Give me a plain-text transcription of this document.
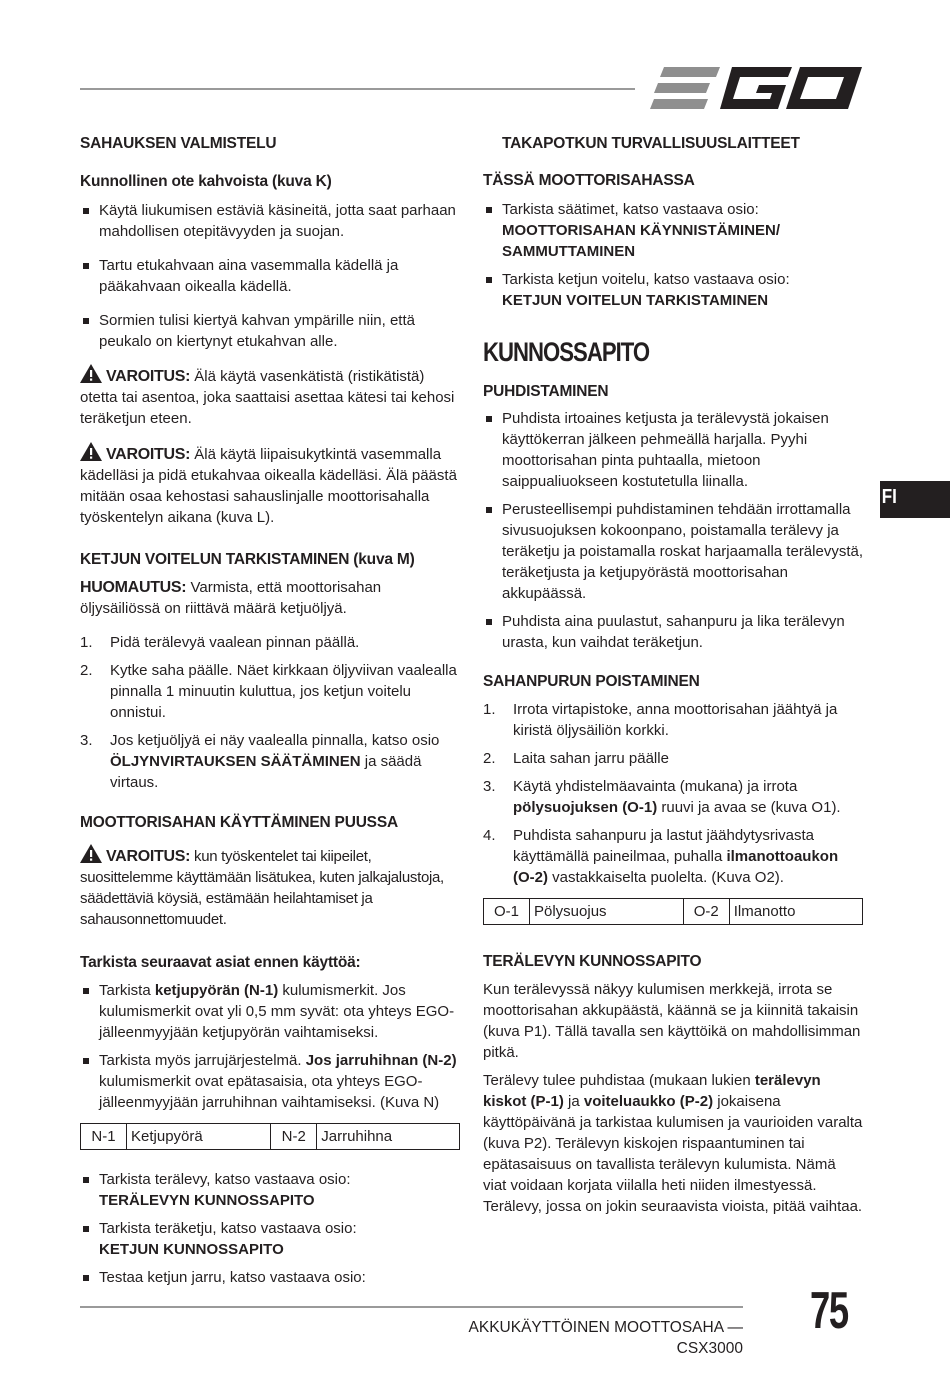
SAHAUKSEN VALMISTELU
Kunnollinen ote kahvoista (kuva K)
Käytä liukumisen estäviä käsineitä, jotta saat parhaan mahdollisen otepitävyyden ja suojan.
Tartu etukahvaan aina vasemmalla kädellä ja pääkahvaan oikealla kädellä.
Sormien tulisi kiertyä kahvan ympärille niin, että peukalo on kiertynyt etukahvan alle.

VAROITUS: Älä käytä vasenkätistä (ristikätistä) otetta tai asentoa, joka saattaisi asettaa kätesi tai kehosi teräketjun eteen.

VAROITUS: Älä käytä liipaisukytkintä vasemmalla kädelläsi ja pidä etukahvaa oikealla kädelläsi. Älä päästä mitään osaa kehostasi sahauslinjalle moottorisahalla työskentelyn aikana (kuva L).

KETJUN VOITELUN TARKISTAMINEN (kuva M)

HUOMAUTUS: Varmista, että moottorisahan öljysäiliössä on riittävä määrä ketjuöljyä.

1. Pidä terälevyä vaalean pinnan päällä.
2. Kytke saha päälle. Näet kirkkaan öljyviivan vaalealla pinnalla 1 minuutin kuluttua, jos ketjun voitelu onnistui.
3. Jos ketjuöljyä ei näy vaalealla pinnalla, katso osio ÖLJYNVIRTAUKSEN SÄÄTÄMINEN ja säädä virtaus.
MOOTTORISAHAN KÄYTTÄMINEN PUUSSA

VAROITUS: kun työskentelet tai kiipeilet, suosittelemme käyttämään lisätukea, kuten jalkajalustoja, säädettäviä köysiä, estämään heilahtamiset ja sahausonnettomuudet.

Tarkista seuraavat asiat ennen käyttöä:
Tarkista ketjupyörän (N-1) kulumismerkit. Jos kulumismerkit ovat yli 0,5 mm syvät: ota yhteys EGO-jälleenmyyjään ketjupyörän vaihtamiseksi.
Tarkista myös jarrujärjestelmä. Jos jarruhihnan (N-2) kulumismerkit ovat epätasaisia, ota yhteys EGO-jälleenmyyjään jarruhihnan vaihtamiseksi. (Kuva N)
N-1	Ketjupyörä	N-2	Jarruhihna
Tarkista terälevy, katso vastaava osio:
TERÄLEVYN KUNNOSSAPITO
Tarkista teräketju, katso vastaava osio:
KETJUN KUNNOSSAPITO
Testaa ketjun jarru, katso vastaava osio:
TAKAPOTKUN TURVALLISUUSLAITTEET
TÄSSÄ MOOTTORISAHASSA
Tarkista säätimet, katso vastaava osio:
MOOTTORISAHAN KÄYNNISTÄMINEN/ SAMMUTTAMINEN
Tarkista ketjun voitelu, katso vastaava osio:
KETJUN VOITELUN TARKISTAMINEN
KUNNOSSAPITO
PUHDISTAMINEN
Puhdista irtoaines ketjusta ja terälevystä jokaisen käyttökerran jälkeen pehmeällä harjalla. Pyyhi moottorisahan pinta puhtaalla, mietoon saippualiuokseen kostutetulla liinalla.
Perusteellisempi puhdistaminen tehdään irrottamalla sivusuojuksen kokoonpano, poistamalla terälevy ja teräketju ja poistamalla roskat harjaamalla terälevystä, teräketjusta ja ketjupyörästä moottorisahan akkupäässä.
Puhdista aina puulastut, sahanpuru ja lika terälevyn urasta, kun vaihdat teräketjun.
SAHANPURUN POISTAMINEN
1. Irrota virtapistoke, anna moottorisahan jäähtyä ja kiristä öljysäiliön korkki.
2. Laita sahan jarru päälle
3. Käytä yhdistelmäavainta (mukana) ja irrota pölysuojuksen (O-1) ruuvi ja avaa se (kuva O1).
4. Puhdista sahanpuru ja lastut jäähdytysrivasta käyttämällä paineilmaa, puhalla ilmanottoaukon (O-2) vastakkaiselta puolelta. (Kuva O2).
O-1	Pölysuojus	O-2	Ilmanotto
TERÄLEVYN KUNNOSSAPITO

Kun terälevyssä näkyy kulumisen merkkejä, irrota se moottorisahan akkupäästä, käännä se ja kiinnitä takaisin (kuva P1). Tällä tavalla sen käyttöikä on mahdollisimman pitkä.

Terälevy tulee puhdistaa (mukaan lukien terälevyn kiskot (P-1) ja voiteluaukko (P-2) jokaisena käyttöpäivänä ja tarkistaa kulumisen ja vaurioiden varalta (kuva P2). Terälevyn kiskojen rispaantuminen tai epätasaisuus on tavallista terälevyn kulumista. Nämä viat voidaan korjata viilalla heti niiden ilmestyessä. Terälevy, jossa on jokin seuraavista vioista, pitää vaihtaa.

FI
AKKUKÄYTTÖINEN MOOTTOSAHA — CSX3000
75
